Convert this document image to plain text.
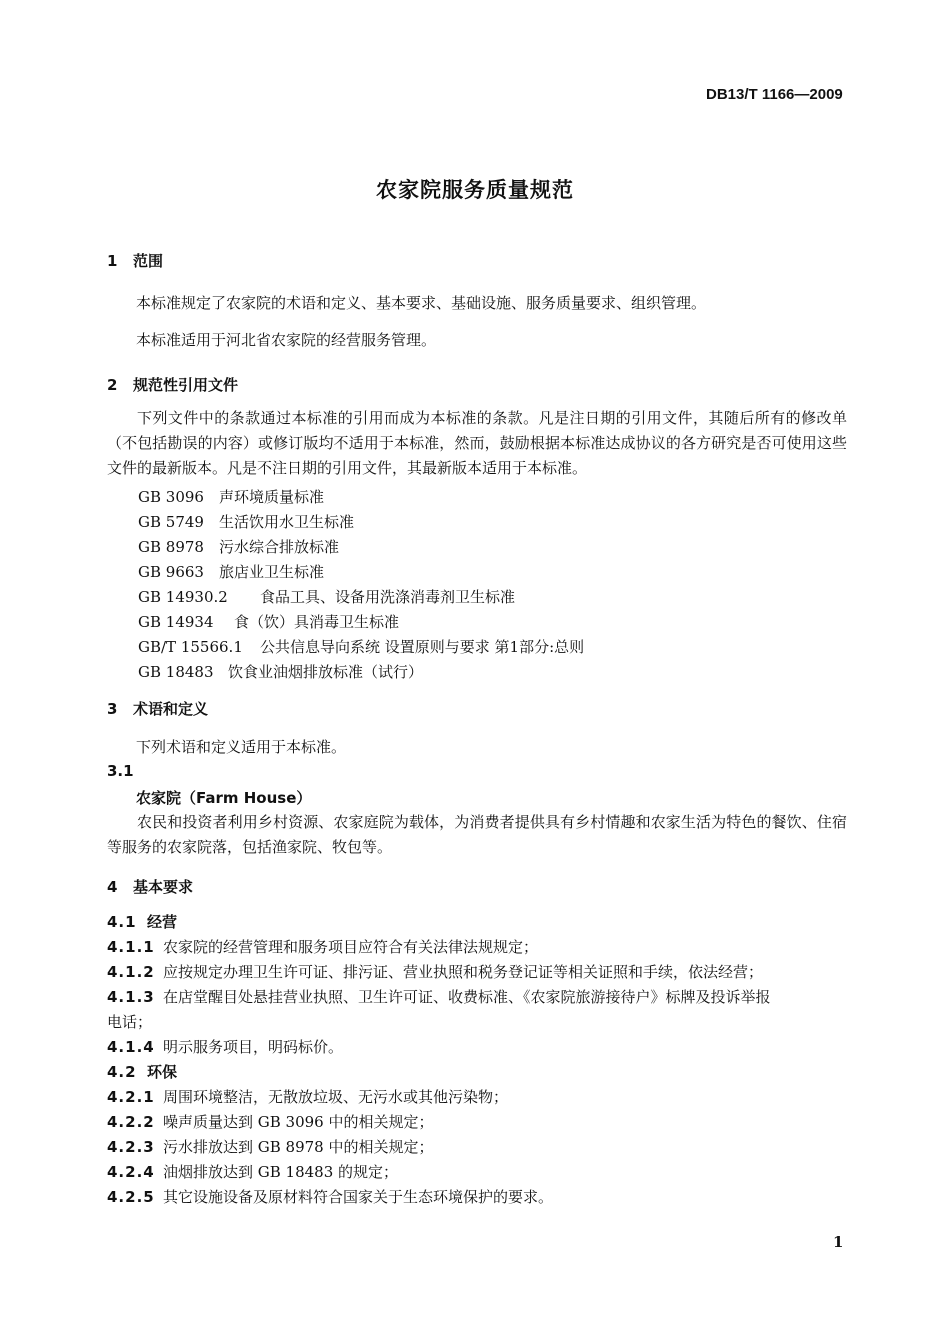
DB13/T 1166—2009
农家院服务质量规范
1 范围
本标准规定了农家院的术语和定义、基本要求、基础设施、服务质量要求、组织管理。
本标准适用于河北省农家院的经营服务管理。
2 规范性引用文件
下列文件中的条款通过本标准的引用而成为本标准的条款。凡是注日期的引用文件，其随后所有的修改单（不包括勘误的内容）或修订版均不适用于本标准，然而，鼓励根据本标准达成协议的各方研究是否可使用这些文件的最新版本。凡是不注日期的引用文件，其最新版本适用于本标准。
GB 3096 声环境质量标准
GB 5749 生活饮用水卫生标准
GB 8978 污水综合排放标准
GB 9663 旅店业卫生标准
GB 14930.2 食品工具、设备用洗涤消毒剂卫生标准
GB 14934 食（饮）具消毒卫生标准
GB/T 15566.1 公共信息导向系统 设置原则与要求 第1部分:总则
GB 18483 饮食业油烟排放标准（试行）
3 术语和定义
下列术语和定义适用于本标准。
3.1
农家院（Farm House）
农民和投资者利用乡村资源、农家庭院为载体，为消费者提供具有乡村情趣和农家生活为特色的餐饮、住宿等服务的农家院落，包括渔家院、牧包等。
4 基本要求
4.1 经营
4.1.1 农家院的经营管理和服务项目应符合有关法律法规规定；
4.1.2 应按规定办理卫生许可证、排污证、营业执照和税务登记证等相关证照和手续，依法经营；
4.1.3 在店堂醒目处悬挂营业执照、卫生许可证、收费标准、《农家院旅游接待户》标牌及投诉举报
电话；
4.1.4 明示服务项目，明码标价。
4.2 环保
4.2.1 周围环境整洁，无散放垃圾、无污水或其他污染物；
4.2.2 噪声质量达到 GB 3096 中的相关规定；
4.2.3 污水排放达到 GB 8978 中的相关规定；
4.2.4 油烟排放达到 GB 18483 的规定；
4.2.5 其它设施设备及原材料符合国家关于生态环境保护的要求。
1
